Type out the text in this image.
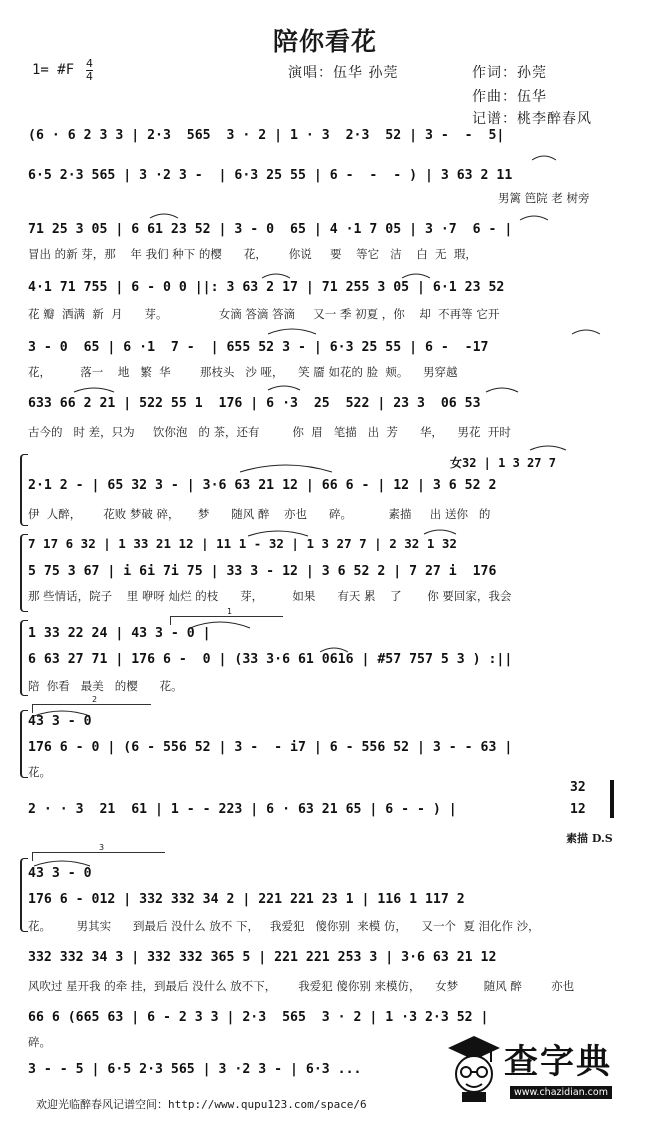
陪你看花
1= #F 4
4	演唱：伍华 孙莞	作词：孙莞
作曲：伍华
记谱：桃李醉春风
(6 · 6 2 3 3 | 2·3  565  3 · 2 | 1 · 3  2·3  52 | 3 -  -  5|
6·5 2·3 565 | 3 ·2 3 -  | 6·3 25 55 | 6 -  -  - ) | 3 63 2 11
男篱 笆院 老 树旁
71 25 3 05 | 6 61 23 52 | 3 - 0  65 | 4 ·1 7 05 | 3 ·7  6 - |
冒出 的新 芽，那    年 我们 种下 的樱      花，      你说     要    等它   洁    白  无  瑕，
4·1 71 755 | 6 - 0 0 ||: 3 63 2 17 | 71 255 3 05 | 6·1 23 52
花 瓣  洒满  新  月      芽。              女滴 答滴 答滴     又一 季 初夏 ，你    却  不再等 它开
3 - 0  65 | 6 ·1  7 -  | 655 52 3 - | 6·3 25 55 | 6 -  -17
花，        落一    地   繁  华        那枝头   沙 哑，    笑 靥 如花的 脸  颊。    男穿越
633 66 2 21 | 522 55 1  176 | 6 ·3  25  522 | 23 3  06 53
古今的   时 差，只为     饮你泡   的 茶，还有         你  眉   笔描   出  芳      华，    男花  开时
女32 | 1 3 27 7
2·1 2 - | 65 32 3 - | 3·6 63 21 12 | 66 6 - | 12 | 3 6 52 2
伊  人醉，      花败 梦破 碎，     梦      随风 醉    亦也      碎。          素描     出 送你   的
7 17 6 32 | 1 33 21 12 | 11 1 - 32 | 1 3 27 7 | 2 32 1 32
5 75 3 67 | i 6i 7i 75 | 33 3 - 12 | 3 6 52 2 | 7 27 i  176
那 些情话，院子    里 咿呀 灿烂 的枝      芽，        如果      有天 累    了       你 要回家，我会
1
1 33 22 24 | 43 3 - 0 |
6 63 27 71 | 176 6 -  0 | (33 3·6 61 0616 | #57 757 5 3 ) :||
陪  你看   最美   的樱      花。
2
43 3 - 0
176 6 - 0 | (6 - 556 52 | 3 -  - i7 | 6 - 556 52 | 3 - - 63 |
花。
2 · · 3  21  61 | 1 - - 223 | 6 · 63 21 65 | 6 - - ) |
32
12
素描 D.S
3
43 3 - 0
176 6 - 012 | 332 332 34 2 | 221 221 23 1 | 116 1 117 2
花。       男其实      到最后 没什么 放不 下，   我爱犯   傻你别  来模 仿，    又一个  夏 泪化作 沙，
332 332 34 3 | 332 332 365 5 | 221 221 253 3 | 3·6 63 21 12
风吹过 星开我 的牵 挂，到最后 没什么 放不下，      我爱犯 傻你别 来模仿，    女梦       随风 醉        亦也
66 6 (665 63 | 6 - 2 3 3 | 2·3  565  3 · 2 | 1 ·3 2·3 52 |
碎。
3 - - 5 | 6·5 2·3 565 | 3 ·2 3 - | 6·3 ...
欢迎光临醉春风记谱空间：http://www.qupu123.com/space/6
查字典
www.chazidian.com
